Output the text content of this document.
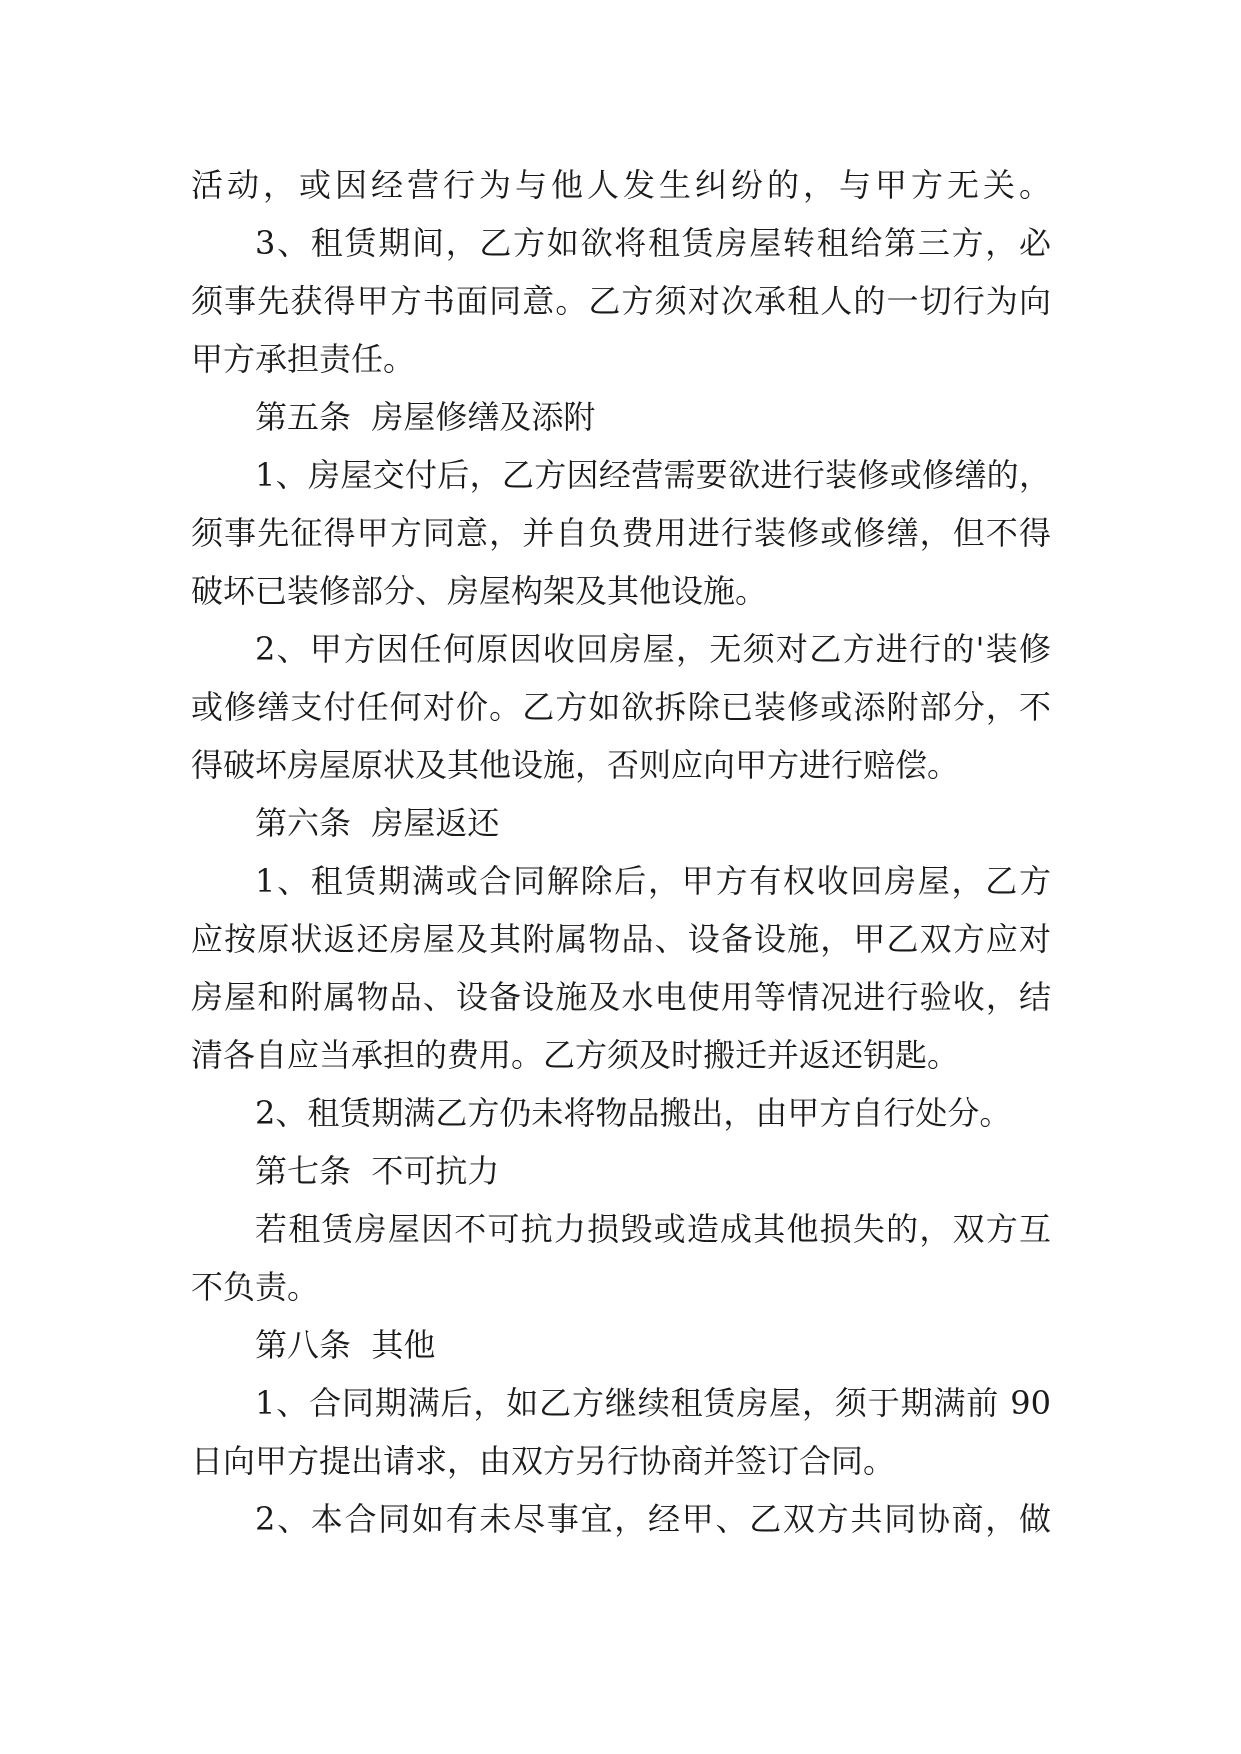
活动，或因经营行为与他人发生纠纷的，与甲方无关。
3、租赁期间，乙方如欲将租赁房屋转租给第三方，必
须事先获得甲方书面同意。乙方须对次承租人的一切行为向
甲方承担责任。
第五条  房屋修缮及添附
1、房屋交付后，乙方因经营需要欲进行装修或修缮的，
须事先征得甲方同意，并自负费用进行装修或修缮，但不得
破坏已装修部分、房屋构架及其他设施。
2、甲方因任何原因收回房屋，无须对乙方进行的'装修
或修缮支付任何对价。乙方如欲拆除已装修或添附部分，不
得破坏房屋原状及其他设施，否则应向甲方进行赔偿。
第六条  房屋返还
1、租赁期满或合同解除后，甲方有权收回房屋，乙方
应按原状返还房屋及其附属物品、设备设施，甲乙双方应对
房屋和附属物品、设备设施及水电使用等情况进行验收，结
清各自应当承担的费用。乙方须及时搬迁并返还钥匙。
2、租赁期满乙方仍未将物品搬出，由甲方自行处分。
第七条  不可抗力
若租赁房屋因不可抗力损毁或造成其他损失的，双方互
不负责。
第八条  其他
1、合同期满后，如乙方继续租赁房屋，须于期满前 90
日向甲方提出请求，由双方另行协商并签订合同。
2、本合同如有未尽事宜，经甲、乙双方共同协商，做
